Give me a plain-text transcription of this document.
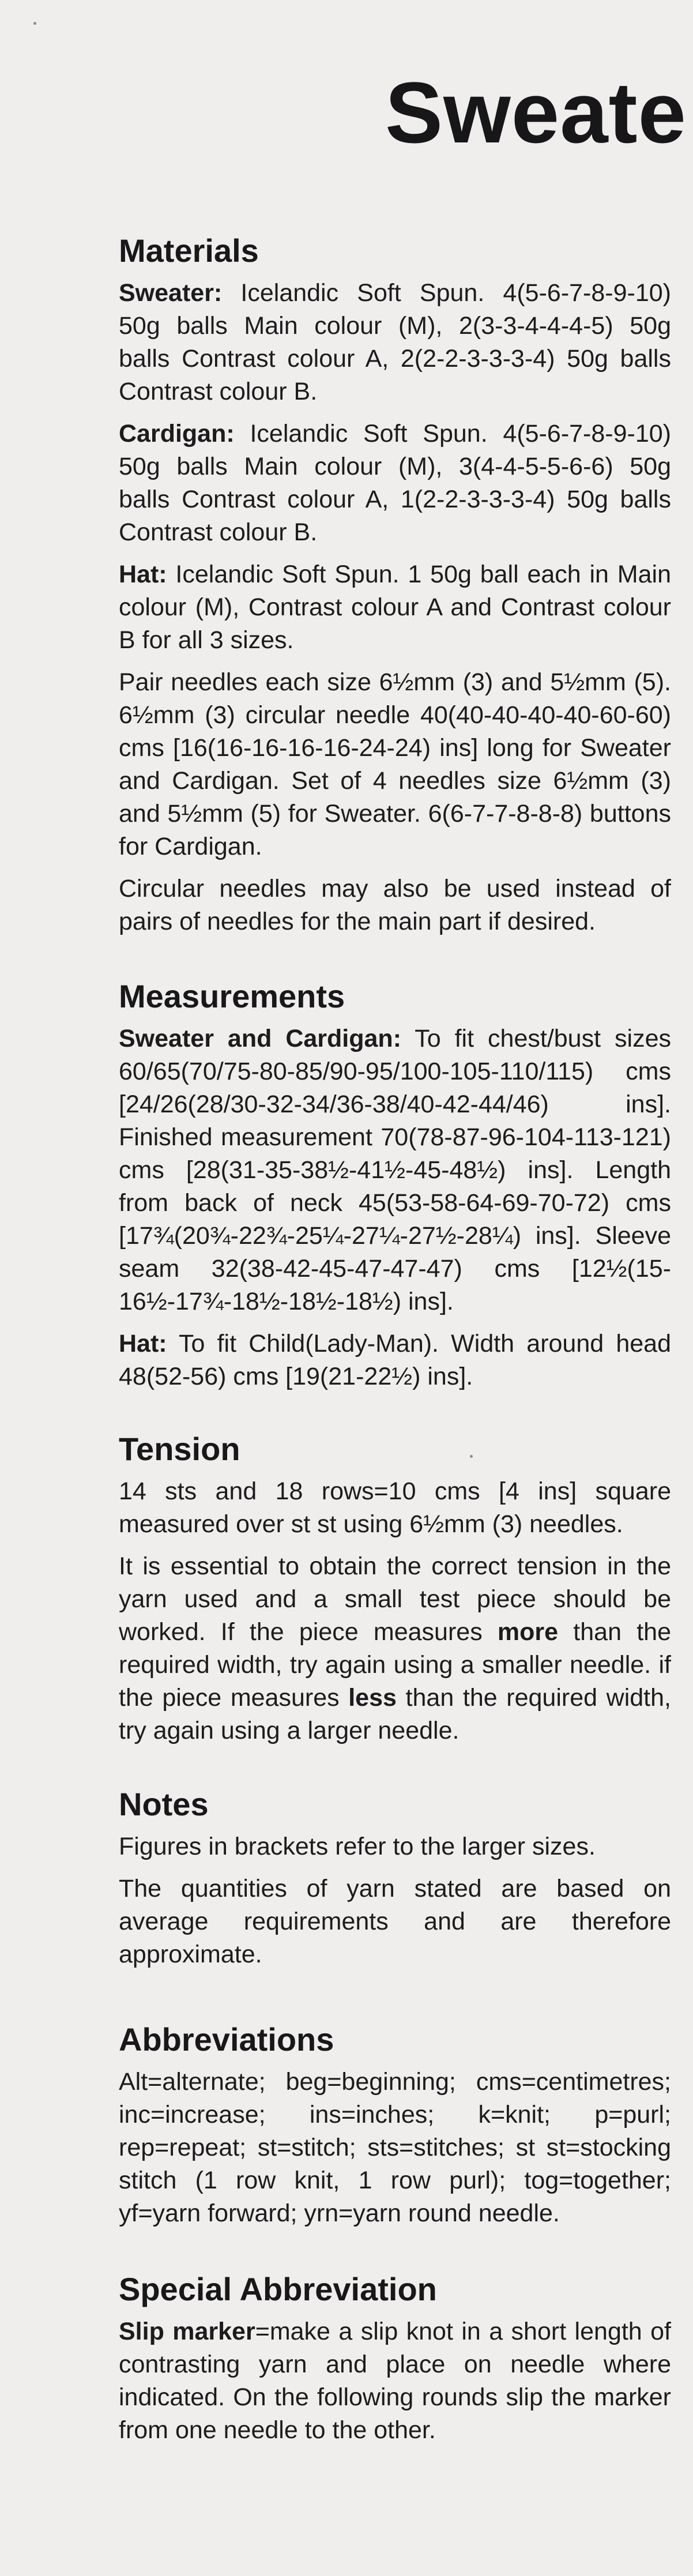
Sweate
Materials

Sweater: Icelandic Soft Spun. 4(5-6-7-8-9-10) 50g balls Main colour (M), 2(3-3-4-4-4-5) 50g balls Contrast colour A, 2(2-2-3-3-3-4) 50g balls Contrast colour B.

Cardigan: Icelandic Soft Spun. 4(5-6-7-8-9-10) 50g balls Main colour (M), 3(4-4-5-5-6-6) 50g balls Contrast colour A, 1(2-2-3-3-3-4) 50g balls Contrast colour B.

Hat: Icelandic Soft Spun. 1 50g ball each in Main colour (M), Contrast colour A and Contrast colour B for all 3 sizes.

Pair needles each size 6½mm (3) and 5½mm (5). 6½mm (3) circular needle 40(40-40-40-40-60-60) cms [16(16-16-16-16-24-24) ins] long for Sweater and Cardigan. Set of 4 needles size 6½mm (3) and 5½mm (5) for Sweater. 6(6-7-7-8-8-8) buttons for Cardigan.

Circular needles may also be used instead of pairs of needles for the main part if desired.

Measurements

Sweater and Cardigan: To fit chest/bust sizes 60/65(70/75-80-85/90-95/100-105-110/115) cms [24/26(28/30-32-34/36-38/40-42-44/46) ins]. Finished measurement 70(78-87-96-104-113-121) cms [28(31-35-38½-41½-45-48½) ins]. Length from back of neck 45(53-58-64-69-70-72) cms [17¾(20¾-22¾-25¼-27¼-27½-28¼) ins]. Sleeve seam 32(38-42-45-47-47-47) cms [12½(15-16½-17¾-18½-18½-18½) ins].

Hat: To fit Child(Lady-Man). Width around head 48(52-56) cms [19(21-22½) ins].

Tension

14 sts and 18 rows=10 cms [4 ins] square measured over st st using 6½mm (3) needles.

It is essential to obtain the correct tension in the yarn used and a small test piece should be worked. If the piece measures more than the required width, try again using a smaller needle. if the piece measures less than the required width, try again using a larger needle.

Notes

Figures in brackets refer to the larger sizes.

The quantities of yarn stated are based on average requirements and are therefore approximate.

Abbreviations

Alt=alternate; beg=beginning; cms=centimetres; inc=increase; ins=inches; k=knit; p=purl; rep=repeat; st=stitch; sts=stitches; st st=stocking stitch (1 row knit, 1 row purl); tog=together; yf=yarn forward; yrn=yarn round needle.

Special Abbreviation

Slip marker=make a slip knot in a short length of contrasting yarn and place on needle where indicated. On the following rounds slip the marker from one needle to the other.
